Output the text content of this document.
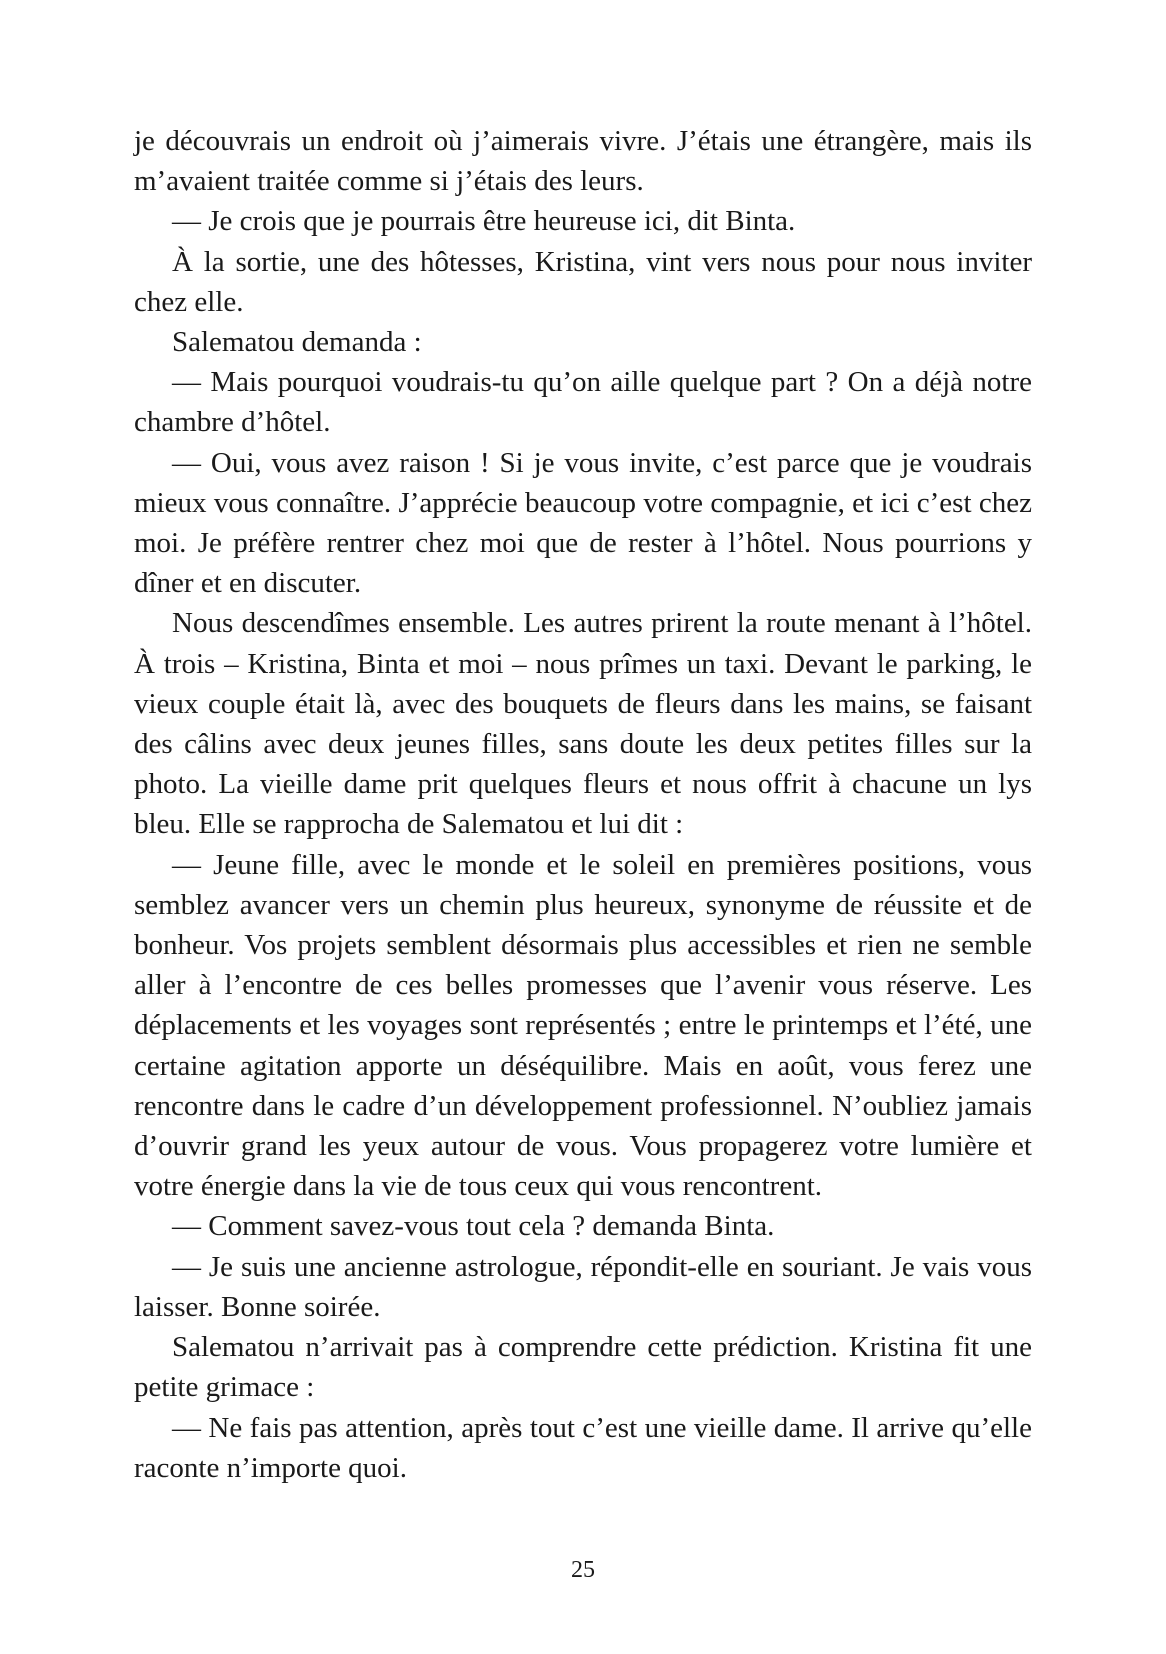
je découvrais un endroit où j’aimerais vivre. J’étais une étrangère, mais ils m’avaient traitée comme si j’étais des leurs.

— Je crois que je pourrais être heureuse ici, dit Binta.

À la sortie, une des hôtesses, Kristina, vint vers nous pour nous inviter chez elle.

Salematou demanda :

— Mais pourquoi voudrais-tu qu’on aille quelque part ? On a déjà notre chambre d’hôtel.

— Oui, vous avez raison ! Si je vous invite, c’est parce que je voudrais mieux vous connaître. J’apprécie beaucoup votre compagnie, et ici c’est chez moi. Je préfère rentrer chez moi que de rester à l’hôtel. Nous pourrions y dîner et en discuter.

Nous descendîmes ensemble. Les autres prirent la route menant à l’hôtel. À trois – Kristina, Binta et moi – nous prîmes un taxi. Devant le parking, le vieux couple était là, avec des bouquets de fleurs dans les mains, se faisant des câlins avec deux jeunes filles, sans doute les deux petites filles sur la photo. La vieille dame prit quelques fleurs et nous offrit à chacune un lys bleu. Elle se rapprocha de Salematou et lui dit :

— Jeune fille, avec le monde et le soleil en premières positions, vous semblez avancer vers un chemin plus heureux, synonyme de réussite et de bonheur. Vos projets semblent désormais plus accessibles et rien ne semble aller à l’encontre de ces belles promesses que l’avenir vous réserve. Les déplacements et les voyages sont représentés ; entre le printemps et l’été, une certaine agitation apporte un déséquilibre. Mais en août, vous ferez une rencontre dans le cadre d’un développement professionnel. N’oubliez jamais d’ouvrir grand les yeux autour de vous. Vous propagerez votre lumière et votre énergie dans la vie de tous ceux qui vous rencontrent.

— Comment savez-vous tout cela ? demanda Binta.

— Je suis une ancienne astrologue, répondit-elle en souriant. Je vais vous laisser. Bonne soirée.

Salematou n’arrivait pas à comprendre cette prédiction. Kristina fit une petite grimace :

— Ne fais pas attention, après tout c’est une vieille dame. Il arrive qu’elle raconte n’importe quoi.

25
